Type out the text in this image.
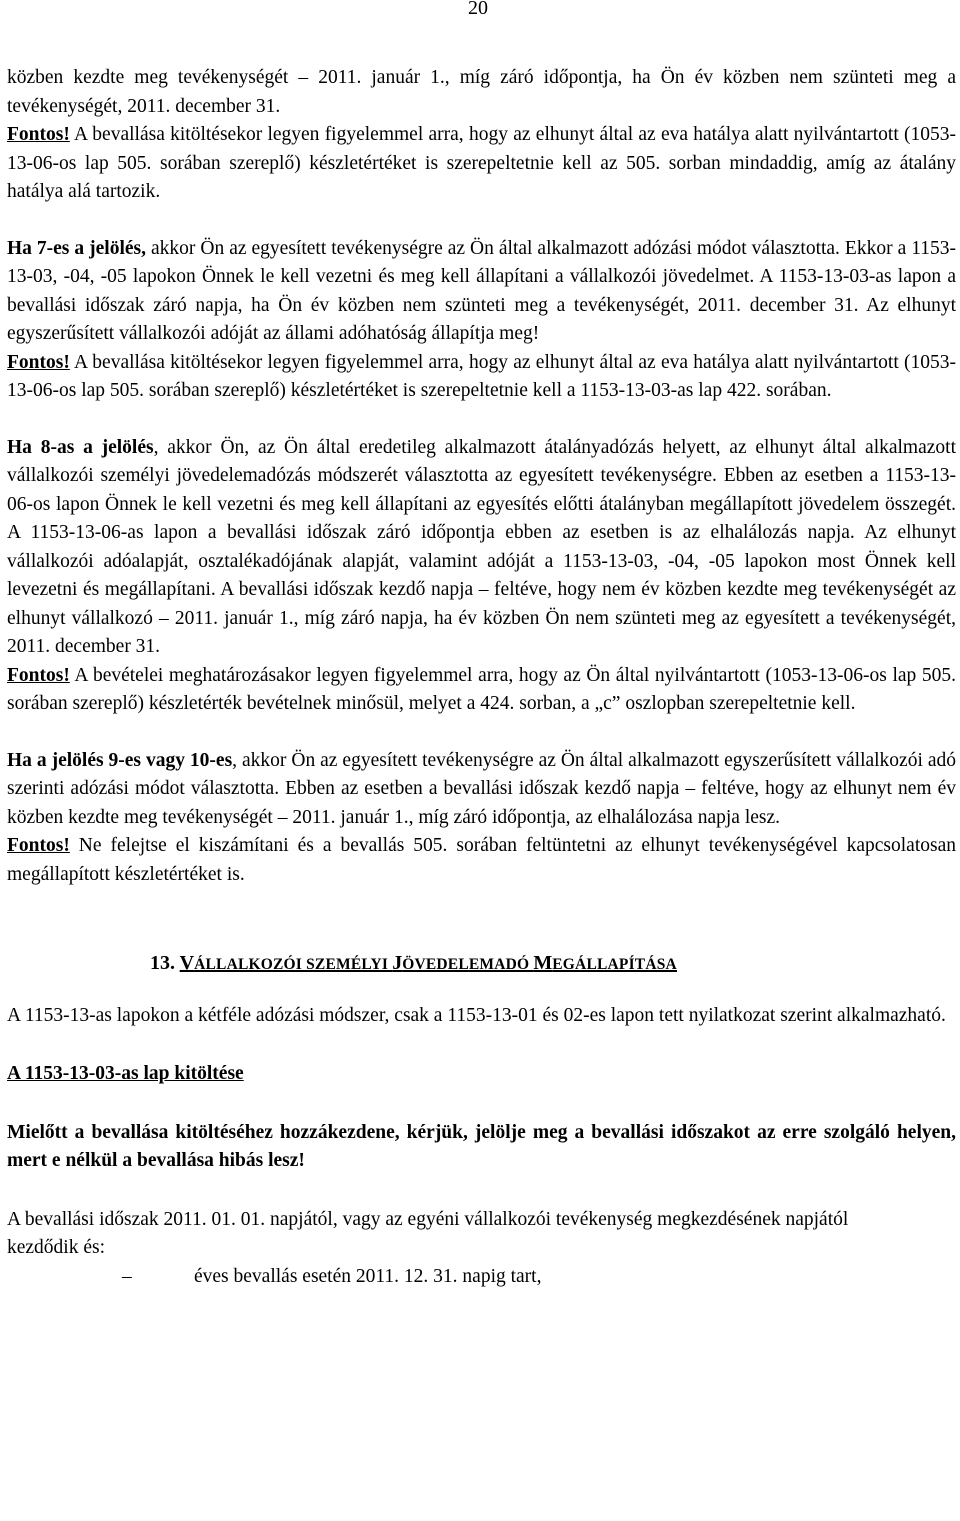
20

közben kezdte meg tevékenységét – 2011. január 1., míg záró időpontja, ha Ön év közben nem szünteti meg a tevékenységét, 2011. december 31.

Fontos! A bevallása kitöltésekor legyen figyelemmel arra, hogy az elhunyt által az eva hatálya alatt nyilvántartott (1053-13-06-os lap 505. sorában szereplő) készletértéket is szerepeltetnie kell az 505. sorban mindaddig, amíg az átalány hatálya alá tartozik.

Ha 7-es a jelölés, akkor Ön az egyesített tevékenységre az Ön által alkalmazott adózási módot választotta. Ekkor a 1153-13-03, -04, -05 lapokon Önnek le kell vezetni és meg kell állapítani a vállalkozói jövedelmet. A 1153-13-03-as lapon a bevallási időszak záró napja, ha Ön év közben nem szünteti meg a tevékenységét, 2011. december 31. Az elhunyt egyszerűsített vállalkozói adóját az állami adóhatóság állapítja meg!

Fontos! A bevallása kitöltésekor legyen figyelemmel arra, hogy az elhunyt által az eva hatálya alatt nyilvántartott (1053-13-06-os lap 505. sorában szereplő) készletértéket is szerepeltetnie kell a 1153-13-03-as lap 422. sorában.

Ha 8-as a jelölés, akkor Ön, az Ön által eredetileg alkalmazott átalányadózás helyett, az elhunyt által alkalmazott vállalkozói személyi jövedelemadózás módszerét választotta az egyesített tevékenységre. Ebben az esetben a 1153-13-06-os lapon Önnek le kell vezetni és meg kell állapítani az egyesítés előtti átalányban megállapított jövedelem összegét. A 1153-13-06-as lapon a bevallási időszak záró időpontja ebben az esetben is az elhalálozás napja. Az elhunyt vállalkozói adóalapját, osztalékadójának alapját, valamint adóját a 1153-13-03, -04, -05 lapokon most Önnek kell levezetni és megállapítani. A bevallási időszak kezdő napja – feltéve, hogy nem év közben kezdte meg tevékenységét az elhunyt vállalkozó – 2011. január 1., míg záró napja, ha év közben Ön nem szünteti meg az egyesített a tevékenységét, 2011. december 31.

Fontos! A bevételei meghatározásakor legyen figyelemmel arra, hogy az Ön által nyilvántartott (1053-13-06-os lap 505. sorában szereplő) készletérték bevételnek minősül, melyet a 424. sorban, a „c” oszlopban szerepeltetnie kell.

Ha a jelölés 9-es vagy 10-es, akkor Ön az egyesített tevékenységre az Ön által alkalmazott egyszerűsített vállalkozói adó szerinti adózási módot választotta. Ebben az esetben a bevallási időszak kezdő napja – feltéve, hogy az elhunyt nem év közben kezdte meg tevékenységét – 2011. január 1., míg záró időpontja, az elhalálozása napja lesz.

Fontos! Ne felejtse el kiszámítani és a bevallás 505. sorában feltüntetni az elhunyt tevékenységével kapcsolatosan megállapított készletértéket is.

13. VÁLLALKOZÓI SZEMÉLYI JÖVEDELEMADÓ MEGÁLLAPÍTÁSA

A 1153-13-as lapokon a kétféle adózási módszer, csak a 1153-13-01 és 02-es lapon tett nyilatkozat szerint alkalmazható.

A 1153-13-03-as lap kitöltése

Mielőtt a bevallása kitöltéséhez hozzákezdene, kérjük, jelölje meg a bevallási időszakot az erre szolgáló helyen, mert e nélkül a bevallása hibás lesz!

A bevallási időszak 2011. 01. 01. napjától, vagy az egyéni vállalkozói tevékenység megkezdésének napjától kezdődik és:

–	éves bevallás esetén 2011. 12. 31. napig tart,
